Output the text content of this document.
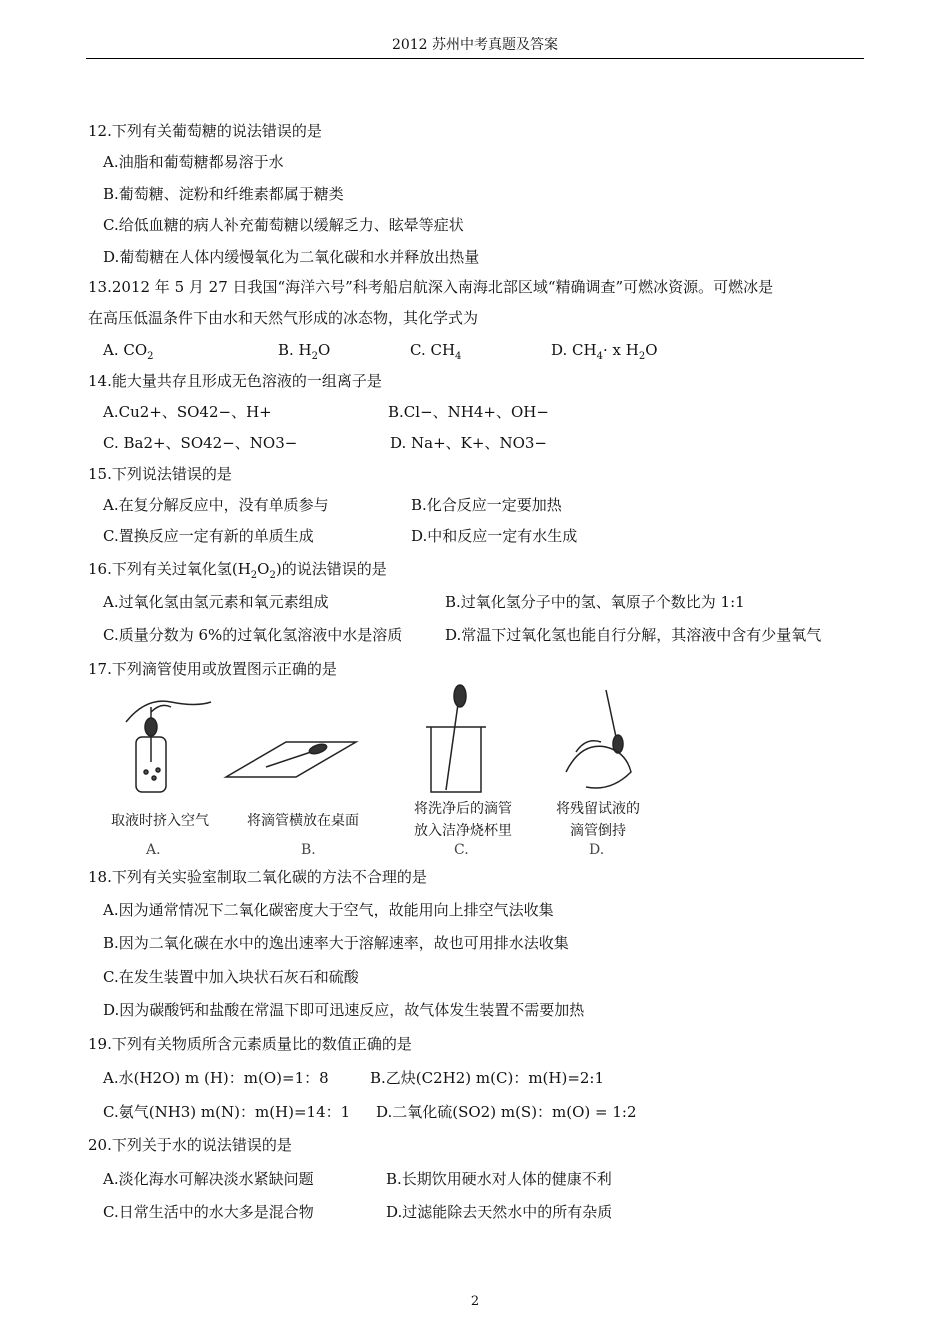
2012 苏州中考真题及答案
12.下列有关葡萄糖的说法错误的是
A.油脂和葡萄糖都易溶于水
B.葡萄糖、淀粉和纤维素都属于糖类
C.给低血糖的病人补充葡萄糖以缓解乏力、眩晕等症状
D.葡萄糖在人体内缓慢氧化为二氧化碳和水并释放出热量
13.2012 年 5 月 27 日我国“海洋六号”科考船启航深入南海北部区域“精确调查”可燃冰资源。可燃冰是
在高压低温条件下由水和天然气形成的冰态物，其化学式为
A. $CO_2$	B. $H_2O$	C. $CH_4$	D. $CH_4\cdot x$ $H_2O$
14.能大量共存且形成无色溶液的一组离子是
A.Cu2+、SO42−、H+	B.Cl−、NH4+、OH−
C. Ba2+、SO42−、NO3−	D. Na+、K+、NO3−
15.下列说法错误的是
A.在复分解反应中，没有单质参与	B.化合反应一定要加热
C.置换反应一定有新的单质生成	D.中和反应一定有水生成
16.下列有关过氧化氢$(H_2O_2)$的说法错误的是
A.过氧化氢由氢元素和氧元素组成	B.过氧化氢分子中的氢、氧原子个数比为 1:1
C.质量分数为 6%的过氧化氢溶液中水是溶质	D.常温下过氧化氢也能自行分解，其溶液中含有少量氧气
17.下列滴管使用或放置图示正确的是
取液时挤入空气	将滴管横放在桌面
将洗净后的滴管
放入洁净烧杯里
将残留试液的
滴管倒持
A.	B.	C.	D.
18.下列有关实验室制取二氧化碳的方法不合理的是
A.因为通常情况下二氧化碳密度大于空气，故能用向上排空气法收集
B.因为二氧化碳在水中的逸出速率大于溶解速率，故也可用排水法收集
C.在发生装置中加入块状石灰石和硫酸
D.因为碳酸钙和盐酸在常温下即可迅速反应，故气体发生装置不需要加热
19.下列有关物质所含元素质量比的数值正确的是
A.水(H2O) m (H)：m(O)=1：8	B.乙炔(C2H2) m(C)：m(H)=2:1
C.氨气(NH3) m(N)：m(H)=14：1 D.二氧化硫(SO2) m(S)：m(O) = 1:2
20.下列关于水的说法错误的是
A.淡化海水可解决淡水紧缺问题	B.长期饮用硬水对人体的健康不利
C.日常生活中的水大多是混合物	D.过滤能除去天然水中的所有杂质
2
